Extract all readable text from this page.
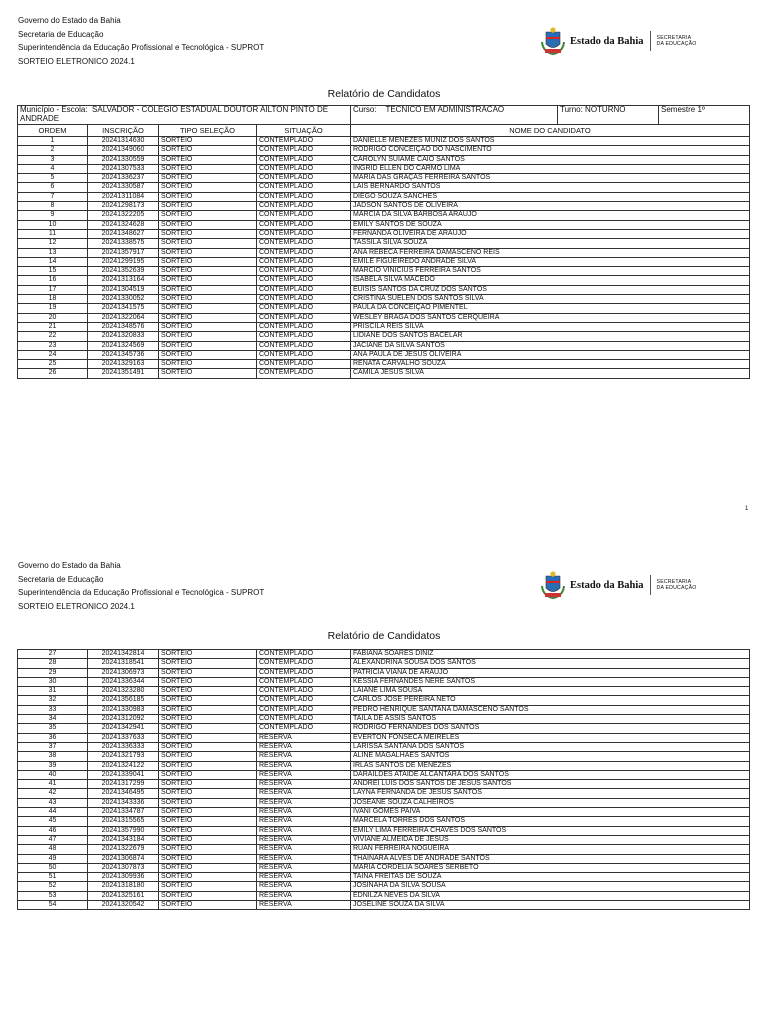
Governo do Estado da Bahia
Secretaria de Educação
Superintendência da Educação Profissional e Tecnológica - SUPROT
SORTEIO ELETRONICO 2024.1
Estado da Bahia	SECRETARIA
DA EDUCAÇÃO
Relatório de Candidatos
Município - Escola: SALVADOR - COLEGIO ESTADUAL DOUTOR AILTON PINTO DE ANDRADE				Curso: TECNICO EM ADMINISTRACAO	Turno: NOTURNO	Semestre 1º
ORDEM	INSCRIÇÃO	TIPO SELEÇÃO	SITUAÇÃO	NOME DO CANDIDATO		
1	20241314630	SORTEIO	CONTEMPLADO	DANIELLE MENEZES MUNIZ DOS SANTOS		
2	20241349060	SORTEIO	CONTEMPLADO	RODRIGO CONCEIÇÃO DO NASCIMENTO		
3	20241330559	SORTEIO	CONTEMPLADO	CAROLYN SUIAME CAIO SANTOS		
4	20241307533	SORTEIO	CONTEMPLADO	INGRID ELLEN DO CARMO LIMA		
5	20241336237	SORTEIO	CONTEMPLADO	MARIA DAS GRAÇAS FERREIRA SANTOS		
6	20241330587	SORTEIO	CONTEMPLADO	LAIS BERNARDO SANTOS		
7	20241311084	SORTEIO	CONTEMPLADO	DIEGO SOUZA SANCHES		
8	20241298173	SORTEIO	CONTEMPLADO	JADSON SANTOS DE OLIVEIRA		
9	20241322205	SORTEIO	CONTEMPLADO	MARCIA DA SILVA BARBOSA ARAUJO		
10	20241324628	SORTEIO	CONTEMPLADO	EMILY SANTOS DE SOUZA		
11	20241348627	SORTEIO	CONTEMPLADO	FERNANDA OLIVEIRA DE ARAUJO		
12	20241338575	SORTEIO	CONTEMPLADO	TASSILA SILVA SOUZA		
13	20241357917	SORTEIO	CONTEMPLADO	ANA REBECA FERREIRA DAMASCENO REIS		
14	20241299195	SORTEIO	CONTEMPLADO	EMILE FIGUEIREDO ANDRADE SILVA		
15	20241352639	SORTEIO	CONTEMPLADO	MARCIO VINICIUS FERREIRA SANTOS		
16	20241313164	SORTEIO	CONTEMPLADO	ISABELA SILVA MACEDO		
17	20241304519	SORTEIO	CONTEMPLADO	EUISIS SANTOS DA CRUZ DOS SANTOS		
18	20241330052	SORTEIO	CONTEMPLADO	CRISTINA SUELEN DOS SANTOS SILVA		
19	20241341575	SORTEIO	CONTEMPLADO	PAULA DA CONCEIÇÃO PIMENTEL		
20	20241322064	SORTEIO	CONTEMPLADO	WESLEY BRAGA DOS SANTOS CERQUEIRA		
21	20241348576	SORTEIO	CONTEMPLADO	PRISCILA REIS SILVA		
22	20241320833	SORTEIO	CONTEMPLADO	LIDIANE DOS SANTOS BACELAR		
23	20241324569	SORTEIO	CONTEMPLADO	JACIANE DA SILVA SANTOS		
24	20241345736	SORTEIO	CONTEMPLADO	ANA PAULA DE JESUS OLIVEIRA		
25	20241329163	SORTEIO	CONTEMPLADO	RENATA CARVALHO SOUZA		
26	20241351491	SORTEIO	CONTEMPLADO	CAMILA JESUS SILVA		
1
Governo do Estado da Bahia
Secretaria de Educação
Superintendência da Educação Profissional e Tecnológica - SUPROT
SORTEIO ELETRONICO 2024.1
Estado da Bahia	SECRETARIA
DA EDUCAÇÃO
Relatório de Candidatos
27	20241342814	SORTEIO	CONTEMPLADO	FABIANA SOARES DINIZ
28	20241318541	SORTEIO	CONTEMPLADO	ALEXANDRINA SOUSA DOS SANTOS
29	20241306973	SORTEIO	CONTEMPLADO	PATRICIA VIANA DE ARAUJO
30	20241336344	SORTEIO	CONTEMPLADO	KESSIA FERNANDES NERE SANTOS
31	20241323280	SORTEIO	CONTEMPLADO	LAIANE LIMA SOUSA
32	20241356185	SORTEIO	CONTEMPLADO	CARLOS JOSE PEREIRA NETO
33	20241330983	SORTEIO	CONTEMPLADO	PEDRO HENRIQUE SANTANA DAMASCENO SANTOS
34	20241312092	SORTEIO	CONTEMPLADO	TAILA DE ASSIS SANTOS
35	20241342941	SORTEIO	CONTEMPLADO	RODRIGO FERNANDES DOS SANTOS
36	20241337633	SORTEIO	RESERVA	EVERTON FONSECA MEIRELES
37	20241336333	SORTEIO	RESERVA	LARISSA SANTANA DOS SANTOS
38	20241321793	SORTEIO	RESERVA	ALINE MAGALHAES SANTOS
39	20241324122	SORTEIO	RESERVA	IRLAS SANTOS DE MENEZES
40	20241339041	SORTEIO	RESERVA	DARAILDES ATAIDE ALCÂNTARA DOS SANTOS
41	20241317299	SORTEIO	RESERVA	ANDREI LUIS DOS SANTOS DE JESUS SANTOS
42	20241346495	SORTEIO	RESERVA	LAYNA FERNANDA DE JESUS SANTOS
43	20241343336	SORTEIO	RESERVA	JOSEANE SOUZA CALHEIROS
44	20241334787	SORTEIO	RESERVA	IVANI GOMES PAIVA
45	20241315565	SORTEIO	RESERVA	MARCELA TORRES DOS SANTOS
46	20241357990	SORTEIO	RESERVA	EMILY LIMA FERREIRA CHAVES DOS SANTOS
47	20241343184	SORTEIO	RESERVA	VIVIANE ALMEIDA DE JESUS
48	20241322679	SORTEIO	RESERVA	RUAN FERREIRA NOGUEIRA
49	20241306874	SORTEIO	RESERVA	THAINARA ALVES DE ANDRADE SANTOS
50	20241307873	SORTEIO	RESERVA	MARIA CORDELIA SOARES SERBETO
51	20241309936	SORTEIO	RESERVA	TAINA FREITAS DE SOUZA
52	20241318180	SORTEIO	RESERVA	JOSINAHA DA SILVA SOUSA
53	20241325161	SORTEIO	RESERVA	EDNILZA NEVES DA SILVA
54	20241320542	SORTEIO	RESERVA	JOSELINE SOUZA DA SILVA
